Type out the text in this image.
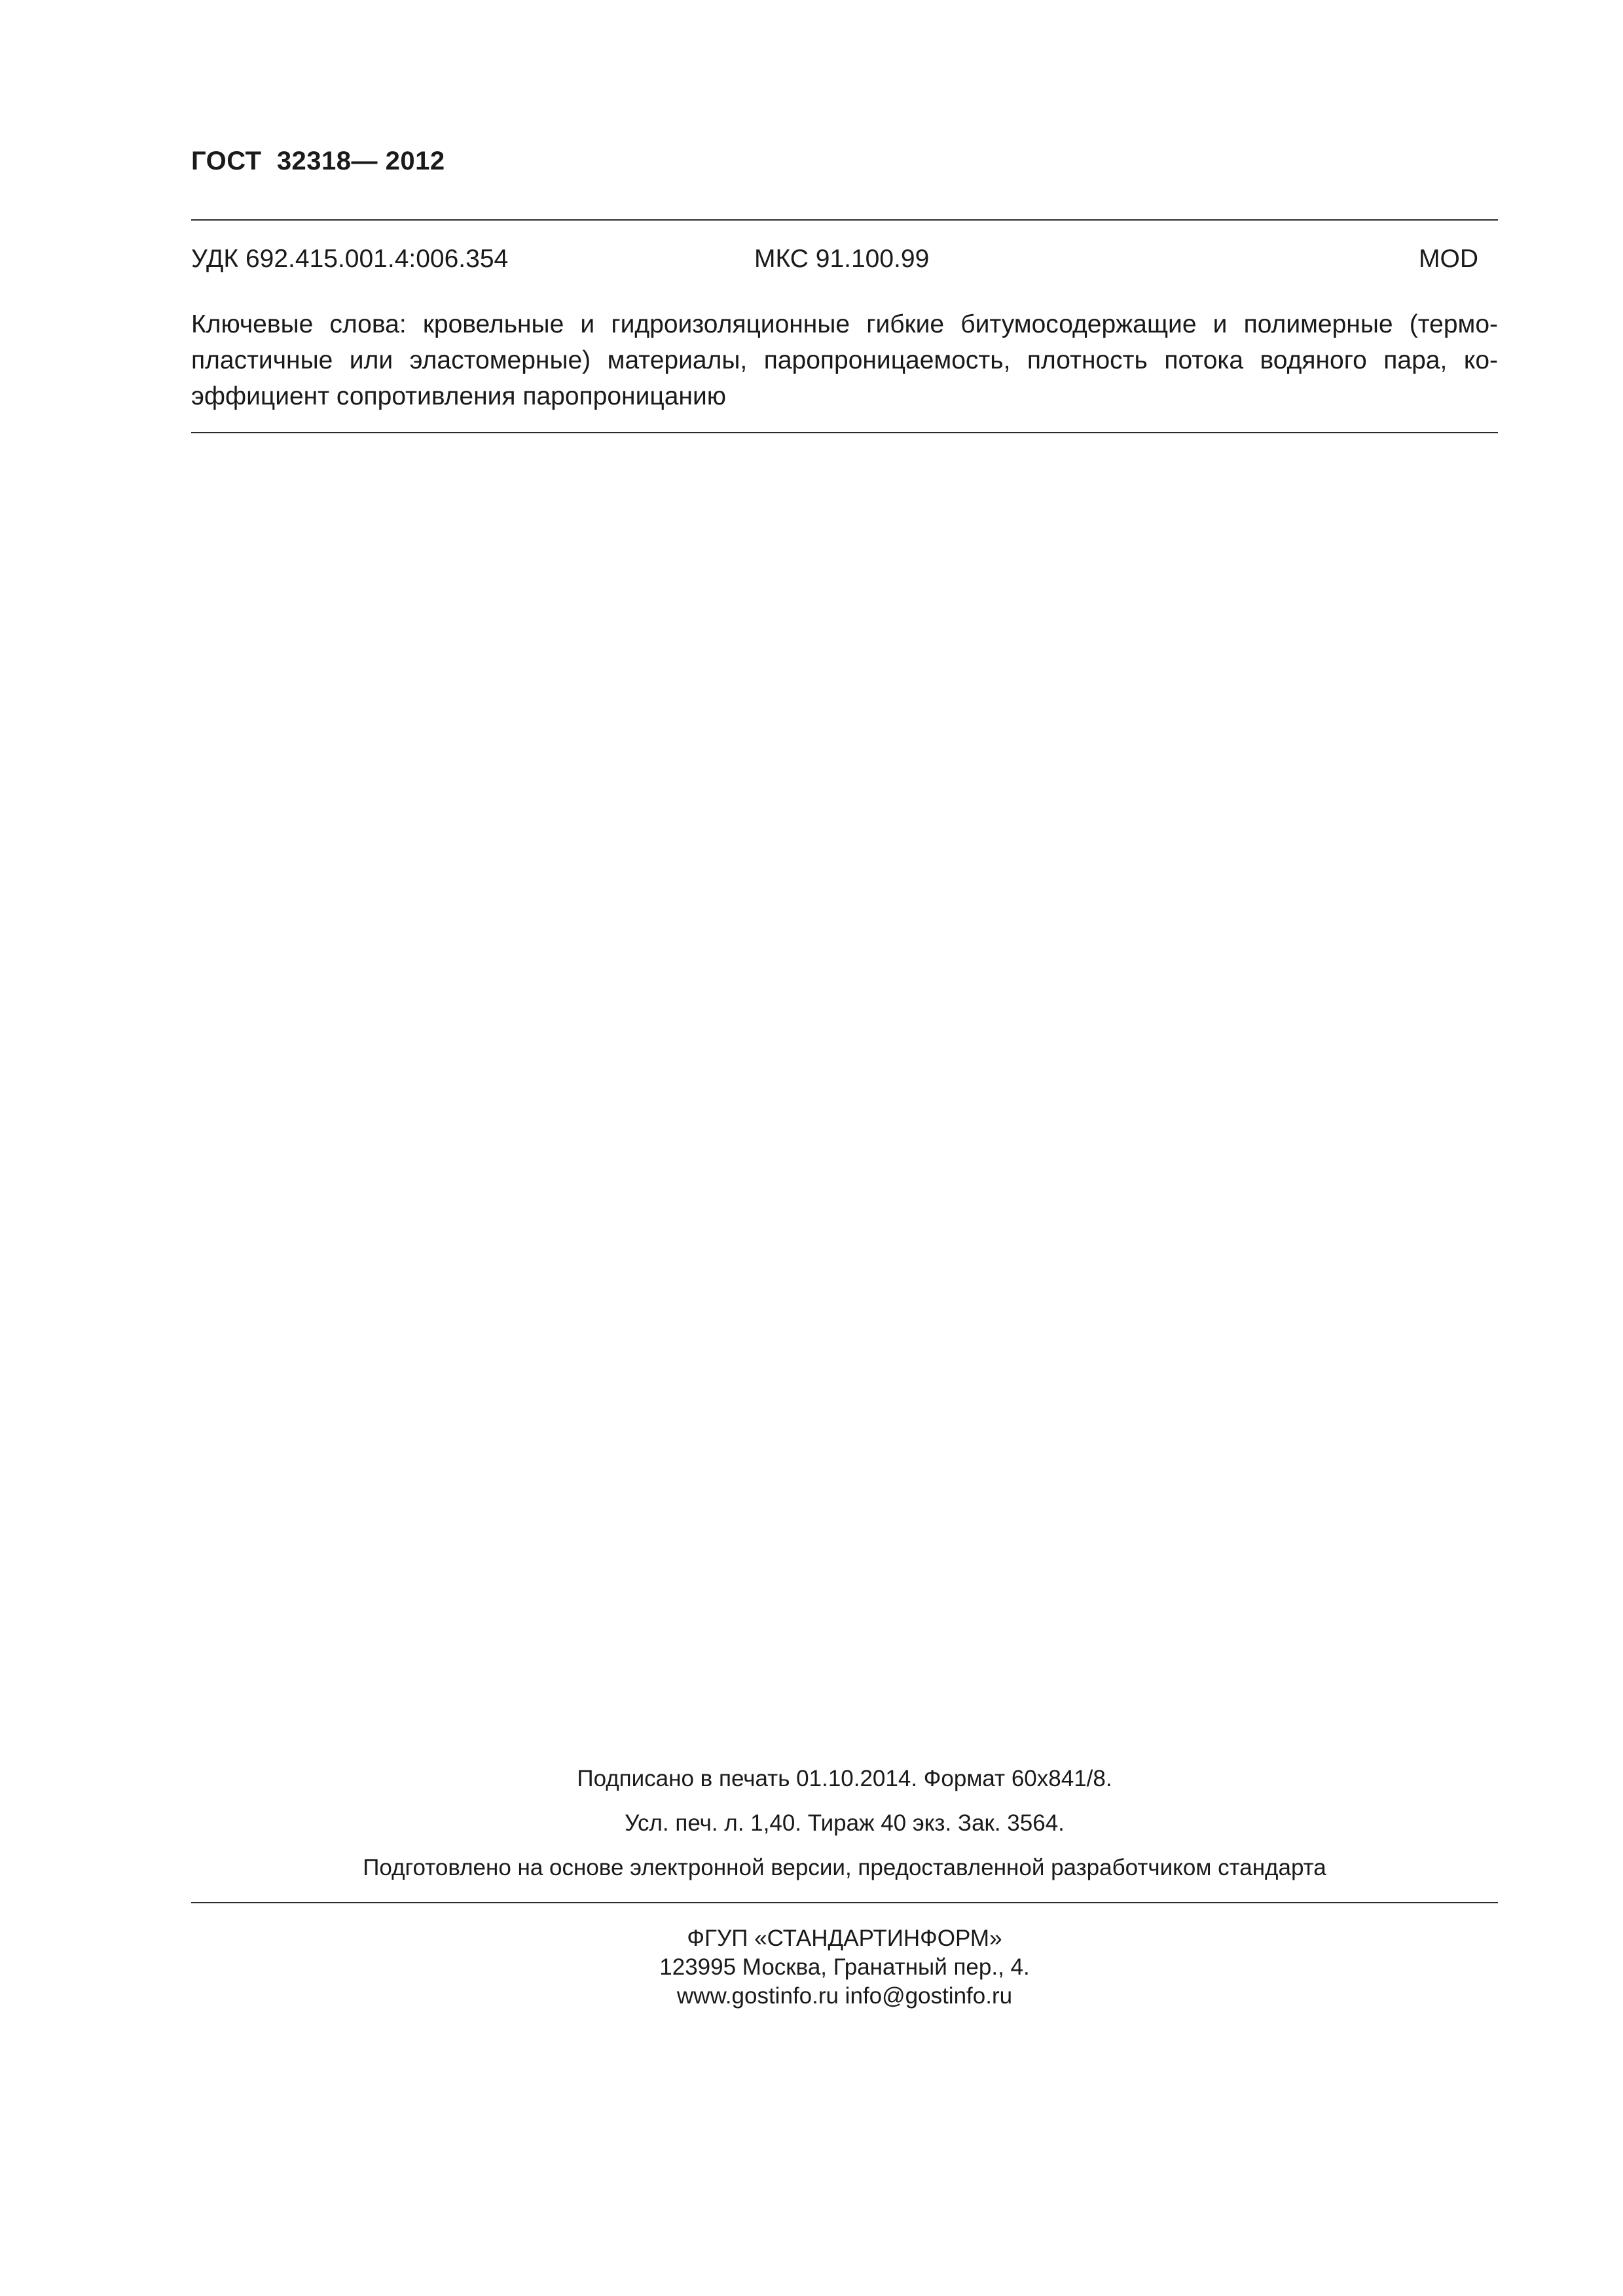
ГОСТ  32318— 2012
УДК 692.415.001.4:006.354	МКС 91.100.99	MOD
Ключевые слова: кровельные и гидроизоляционные гибкие битумосодержащие и полимерные (термо-
пластичные или эластомерные) материалы, паропроницаемость, плотность потока водяного пара, ко-
эффициент сопротивления паропроницанию
Подписано в печать 01.10.2014. Формат 60x841/8.
Усл. печ. л. 1,40. Тираж 40 экз. Зак. 3564.
Подготовлено на основе электронной версии, предоставленной разработчиком стандарта
ФГУП «СТАНДАРТИНФОРМ»
123995 Москва, Гранатный пер., 4.
www.gostinfo.ru info@gostinfo.ru
